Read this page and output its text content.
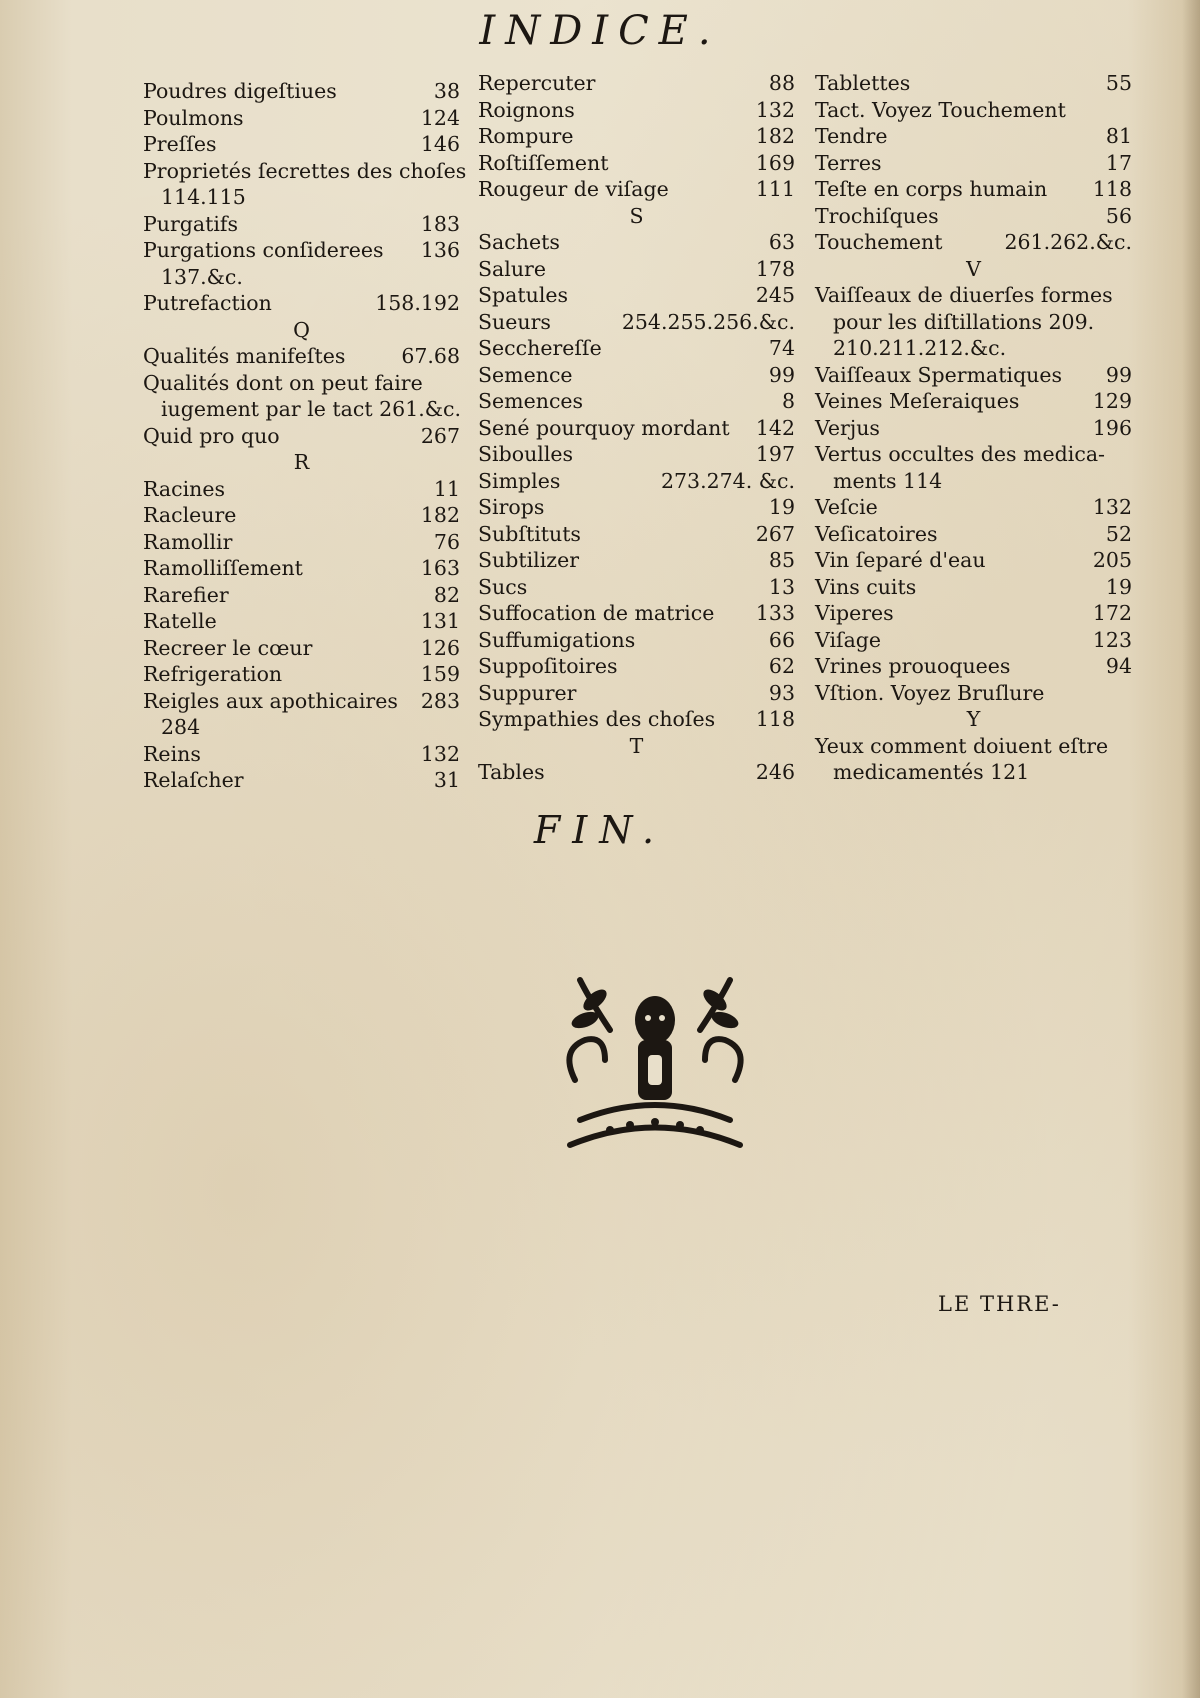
INDICE.
Poudres digeſtiues	38
Poulmons	124
Preſſes	146
Proprietés ſecrettes des choſes
114.115
Purgatifs	183
Purgations conſiderees	136
137.&c.
Putrefaction	158.192
Q
Qualités manifeſtes	67.68
Qualités dont on peut faire
iugement par le tact 261.&c.
Quid pro quo	267
R
Racines	11
Racleure	182
Ramollir	76
Ramolliſſement	163
Rarefier	82
Ratelle	131
Recreer le cœur	126
Refrigeration	159
Reigles aux apothicaires	283
284
Reins	132
Relaſcher	31
Repercuter	88
Roignons	132
Rompure	182
Roſtiſſement	169
Rougeur de viſage	111
S
Sachets	63
Salure	178
Spatules	245
Sueurs	254.255.256.&c.
Secchereſſe	74
Semence	99
Semences	8
Sené pourquoy mordant	142
Siboulles	197
Simples	273.274. &c.
Sirops	19
Subſtituts	267
Subtilizer	85
Sucs	13
Suffocation de matrice	133
Suffumigations	66
Suppoſitoires	62
Suppurer	93
Sympathies des choſes	118
T
Tables	246
Tablettes	55
Tact. Voyez Touchement
Tendre	81
Terres	17
Teſte en corps humain	118
Trochiſques	56
Touchement	261.262.&c.
V
Vaiſſeaux de diuerſes formes
pour les diſtillations 209.
210.211.212.&c.
Vaiſſeaux Spermatiques	99
Veines Meſeraiques	129
Verjus	196
Vertus occultes des medica-
ments 114
Veſcie	132
Veſicatoires	52
Vin ſeparé d'eau	205
Vins cuits	19
Viperes	172
Viſage	123
Vrines prouoquees	94
Vſtion. Voyez Bruſlure
Y
Yeux comment doiuent eſtre
medicamentés 121
FIN.
LE THRE-
